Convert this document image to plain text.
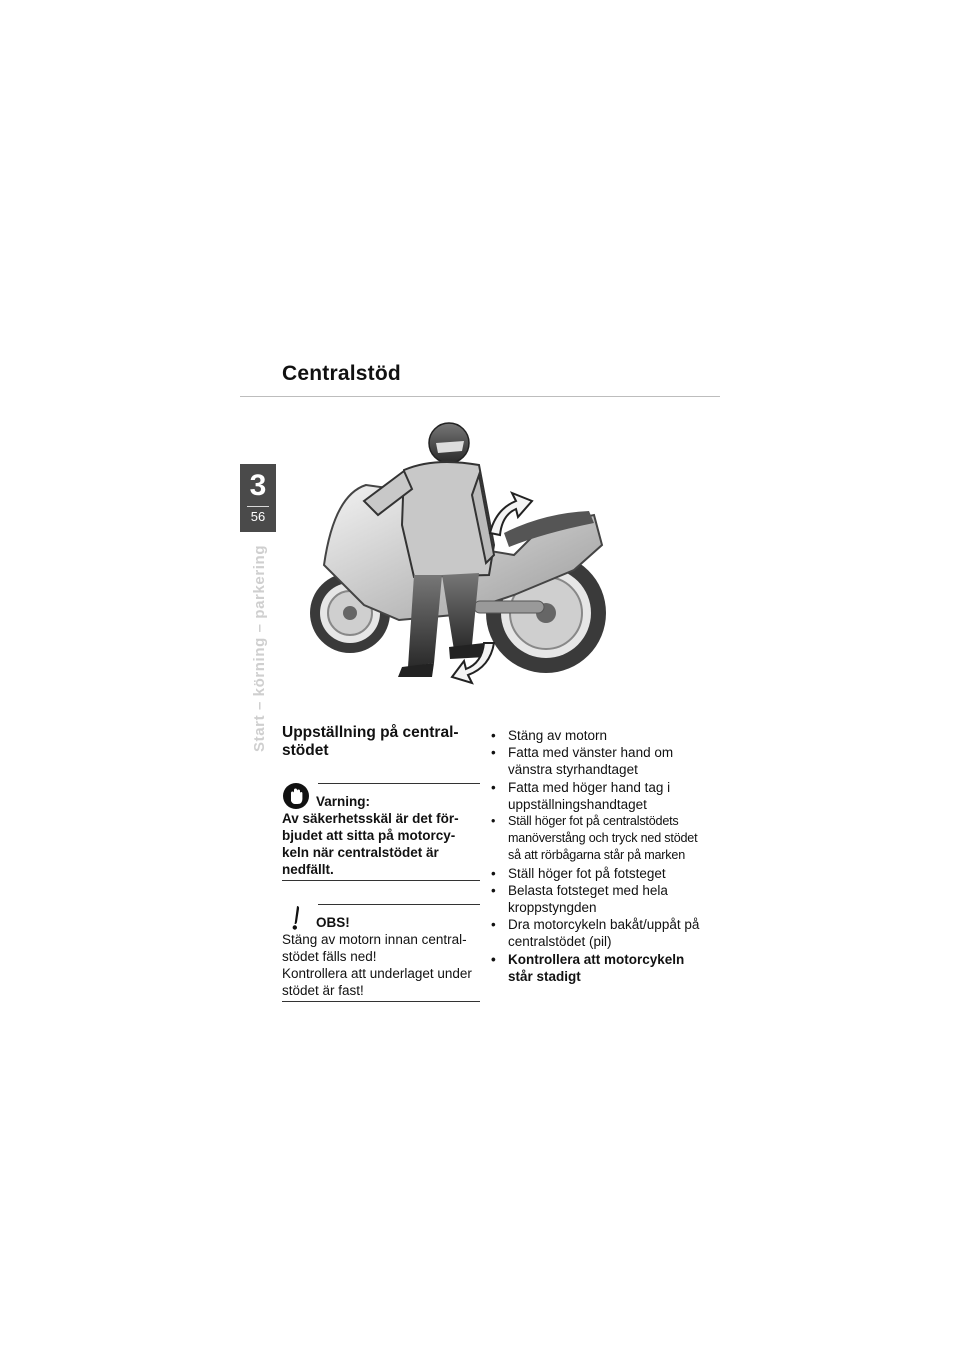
Centralstöd
3
56
Start – körning – parkering Uppställning på central-stödet
Varning:
Av säkerhetsskäl är det för-
bjudet att sitta på motorcy-
keln när centralstödet är
nedfällt.
OBS!
Stäng av motorn innan central-
stödet fälls ned!
Kontrollera att underlaget under
stödet är fast!
• Stäng av motorn
• Fatta med vänster hand om vänstra styrhandtaget
• Fatta med höger hand tag i uppställningshandtaget
• Ställ höger fot på centralstödets manöverstång och tryck ned stödet så att rörbågarna står på marken
• Ställ höger fot på fotsteget
• Belasta fotsteget med hela kroppstyngden
• Dra motorcykeln bakåt/uppåt på centralstödet (pil)
• Kontrollera att motorcykeln står stadigt
